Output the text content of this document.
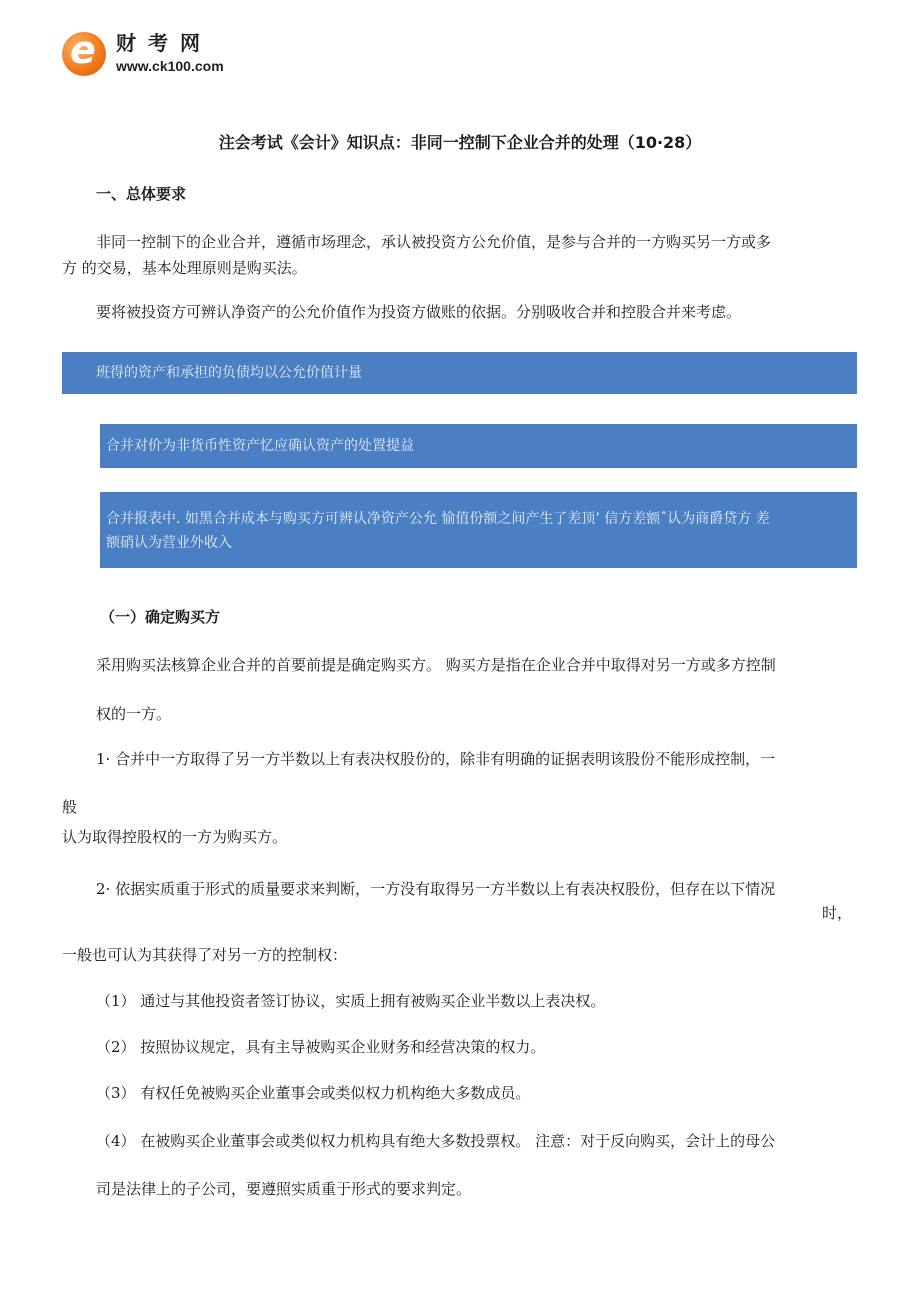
e 财考网
www.ck100.com
注会考试《会计》知识点：非同一控制下企业合并的处理（10·28）
一、总体要求
非同一控制下的企业合并，遵循市场理念，承认被投资方公允价值，是参与合并的一方购买另一方或多
方 的交易，基本处理原则是购买法。
要将被投资方可辨认净资产的公允价值作为投资方做账的依据。分别吸收合并和控股合并来考虑。
班得的资产和承担的负债均以公允价值计量
合并对价为非货币性资产忆应确认资产的处置提益
合并报表中. 如黑合并成本与购买方可辨认净资产公允 愉值份额之间产生了差顶’ 信方差额ˆ认为商爵贷方 差
额硝认为营业外收入
（一）确定购买方
采用购买法核算企业合并的首要前提是确定购买方。 购买方是指在企业合并中取得对另一方或多方控制
权的一方。
1· 合并中一方取得了另一方半数以上有表决权股份的，除非有明确的证据表明该股份不能形成控制，一
般
认为取得控股权的一方为购买方。
2· 依据实质重于形式的质量要求来判断，一方没有取得另一方半数以上有表决权股份，但存在以下情况
时，
一般也可认为其获得了对另一方的控制权：
（1） 通过与其他投资者签订协议，实质上拥有被购买企业半数以上表决权。
（2） 按照协议规定，具有主导被购买企业财务和经营决策的权力。
（3） 有权任免被购买企业董事会或类似权力机构绝大多数成员。
（4） 在被购买企业董事会或类似权力机构具有绝大多数投票权。 注意：对于反向购买，会计上的母公
司是法律上的子公司，要遵照实质重于形式的要求判定。
